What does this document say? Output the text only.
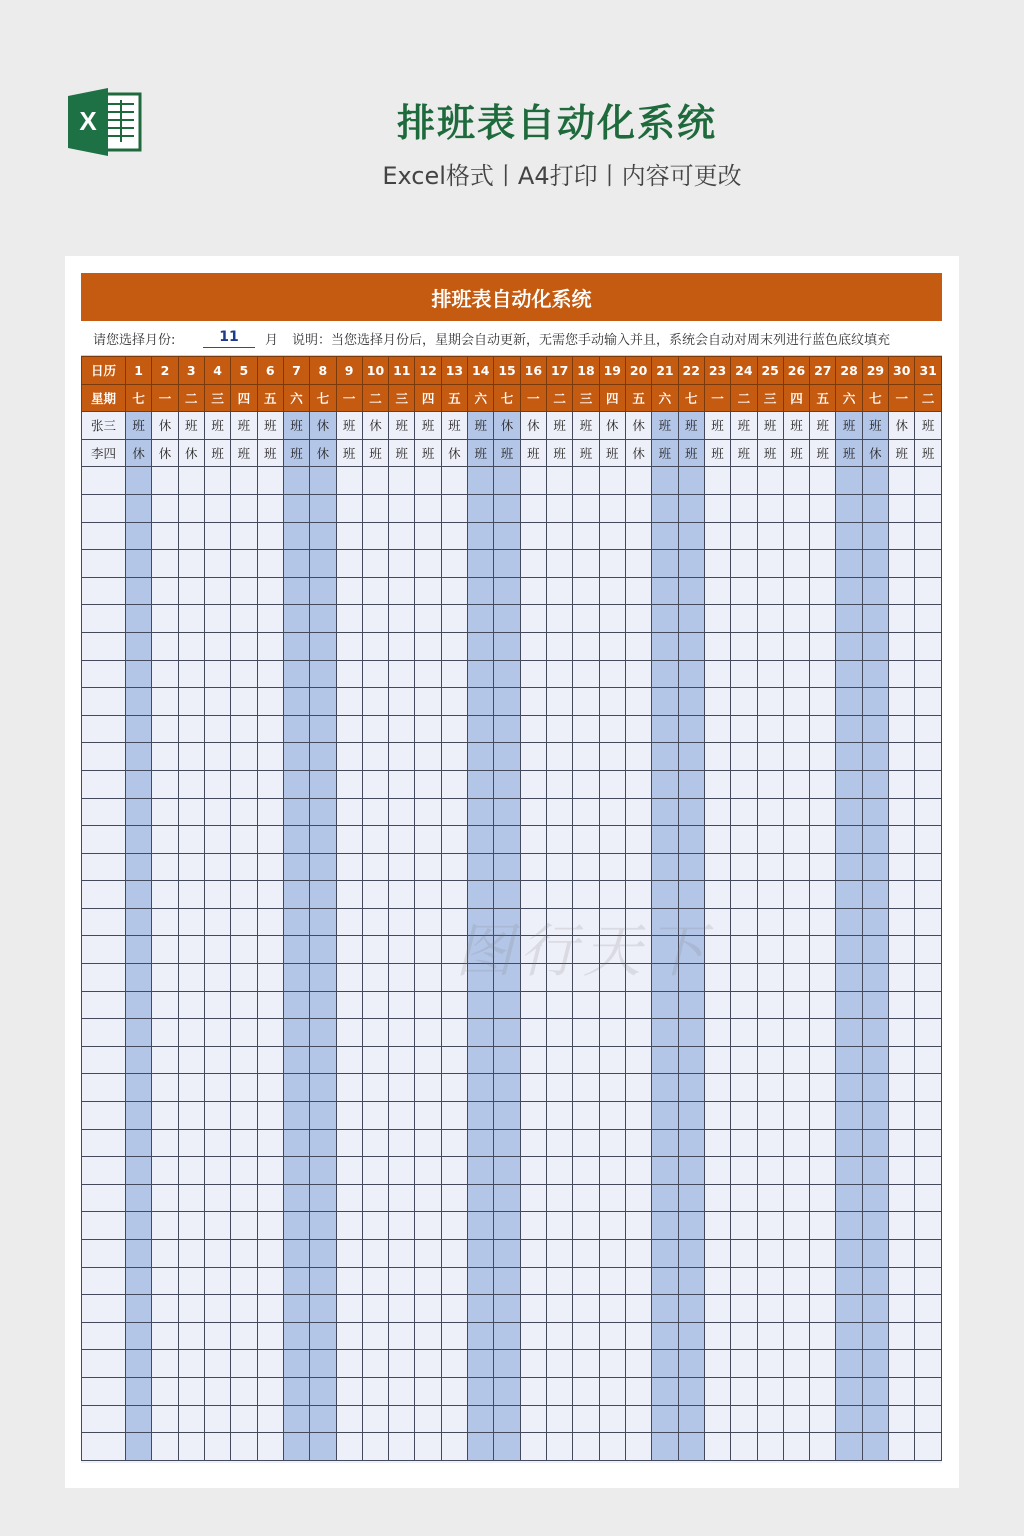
X	排班表自动化系统

Excel格式丨A4打印丨内容可更改

排班表自动化系统
请您选择月份:	11	月 说明：当您选择月份后，星期会自动更新，无需您手动输入并且，系统会自动对周末列进行蓝色底纹填充
日历	1	2	3	4	5	6	7	8	9	10	11	12	13	14	15	16	17	18	19	20	21	22	23	24	25	26	27	28	29	30	31
星期	七	一	二	三	四	五	六	七	一	二	三	四	五	六	七	一	二	三	四	五	六	七	一	二	三	四	五	六	七	一	二
张三	班	休	班	班	班	班	班	休	班	休	班	班	班	班	休	休	班	班	休	休	班	班	班	班	班	班	班	班	班	休	班
李四	休	休	休	班	班	班	班	休	班	班	班	班	休	班	班	班	班	班	班	休	班	班	班	班	班	班	班	班	休	班	班
